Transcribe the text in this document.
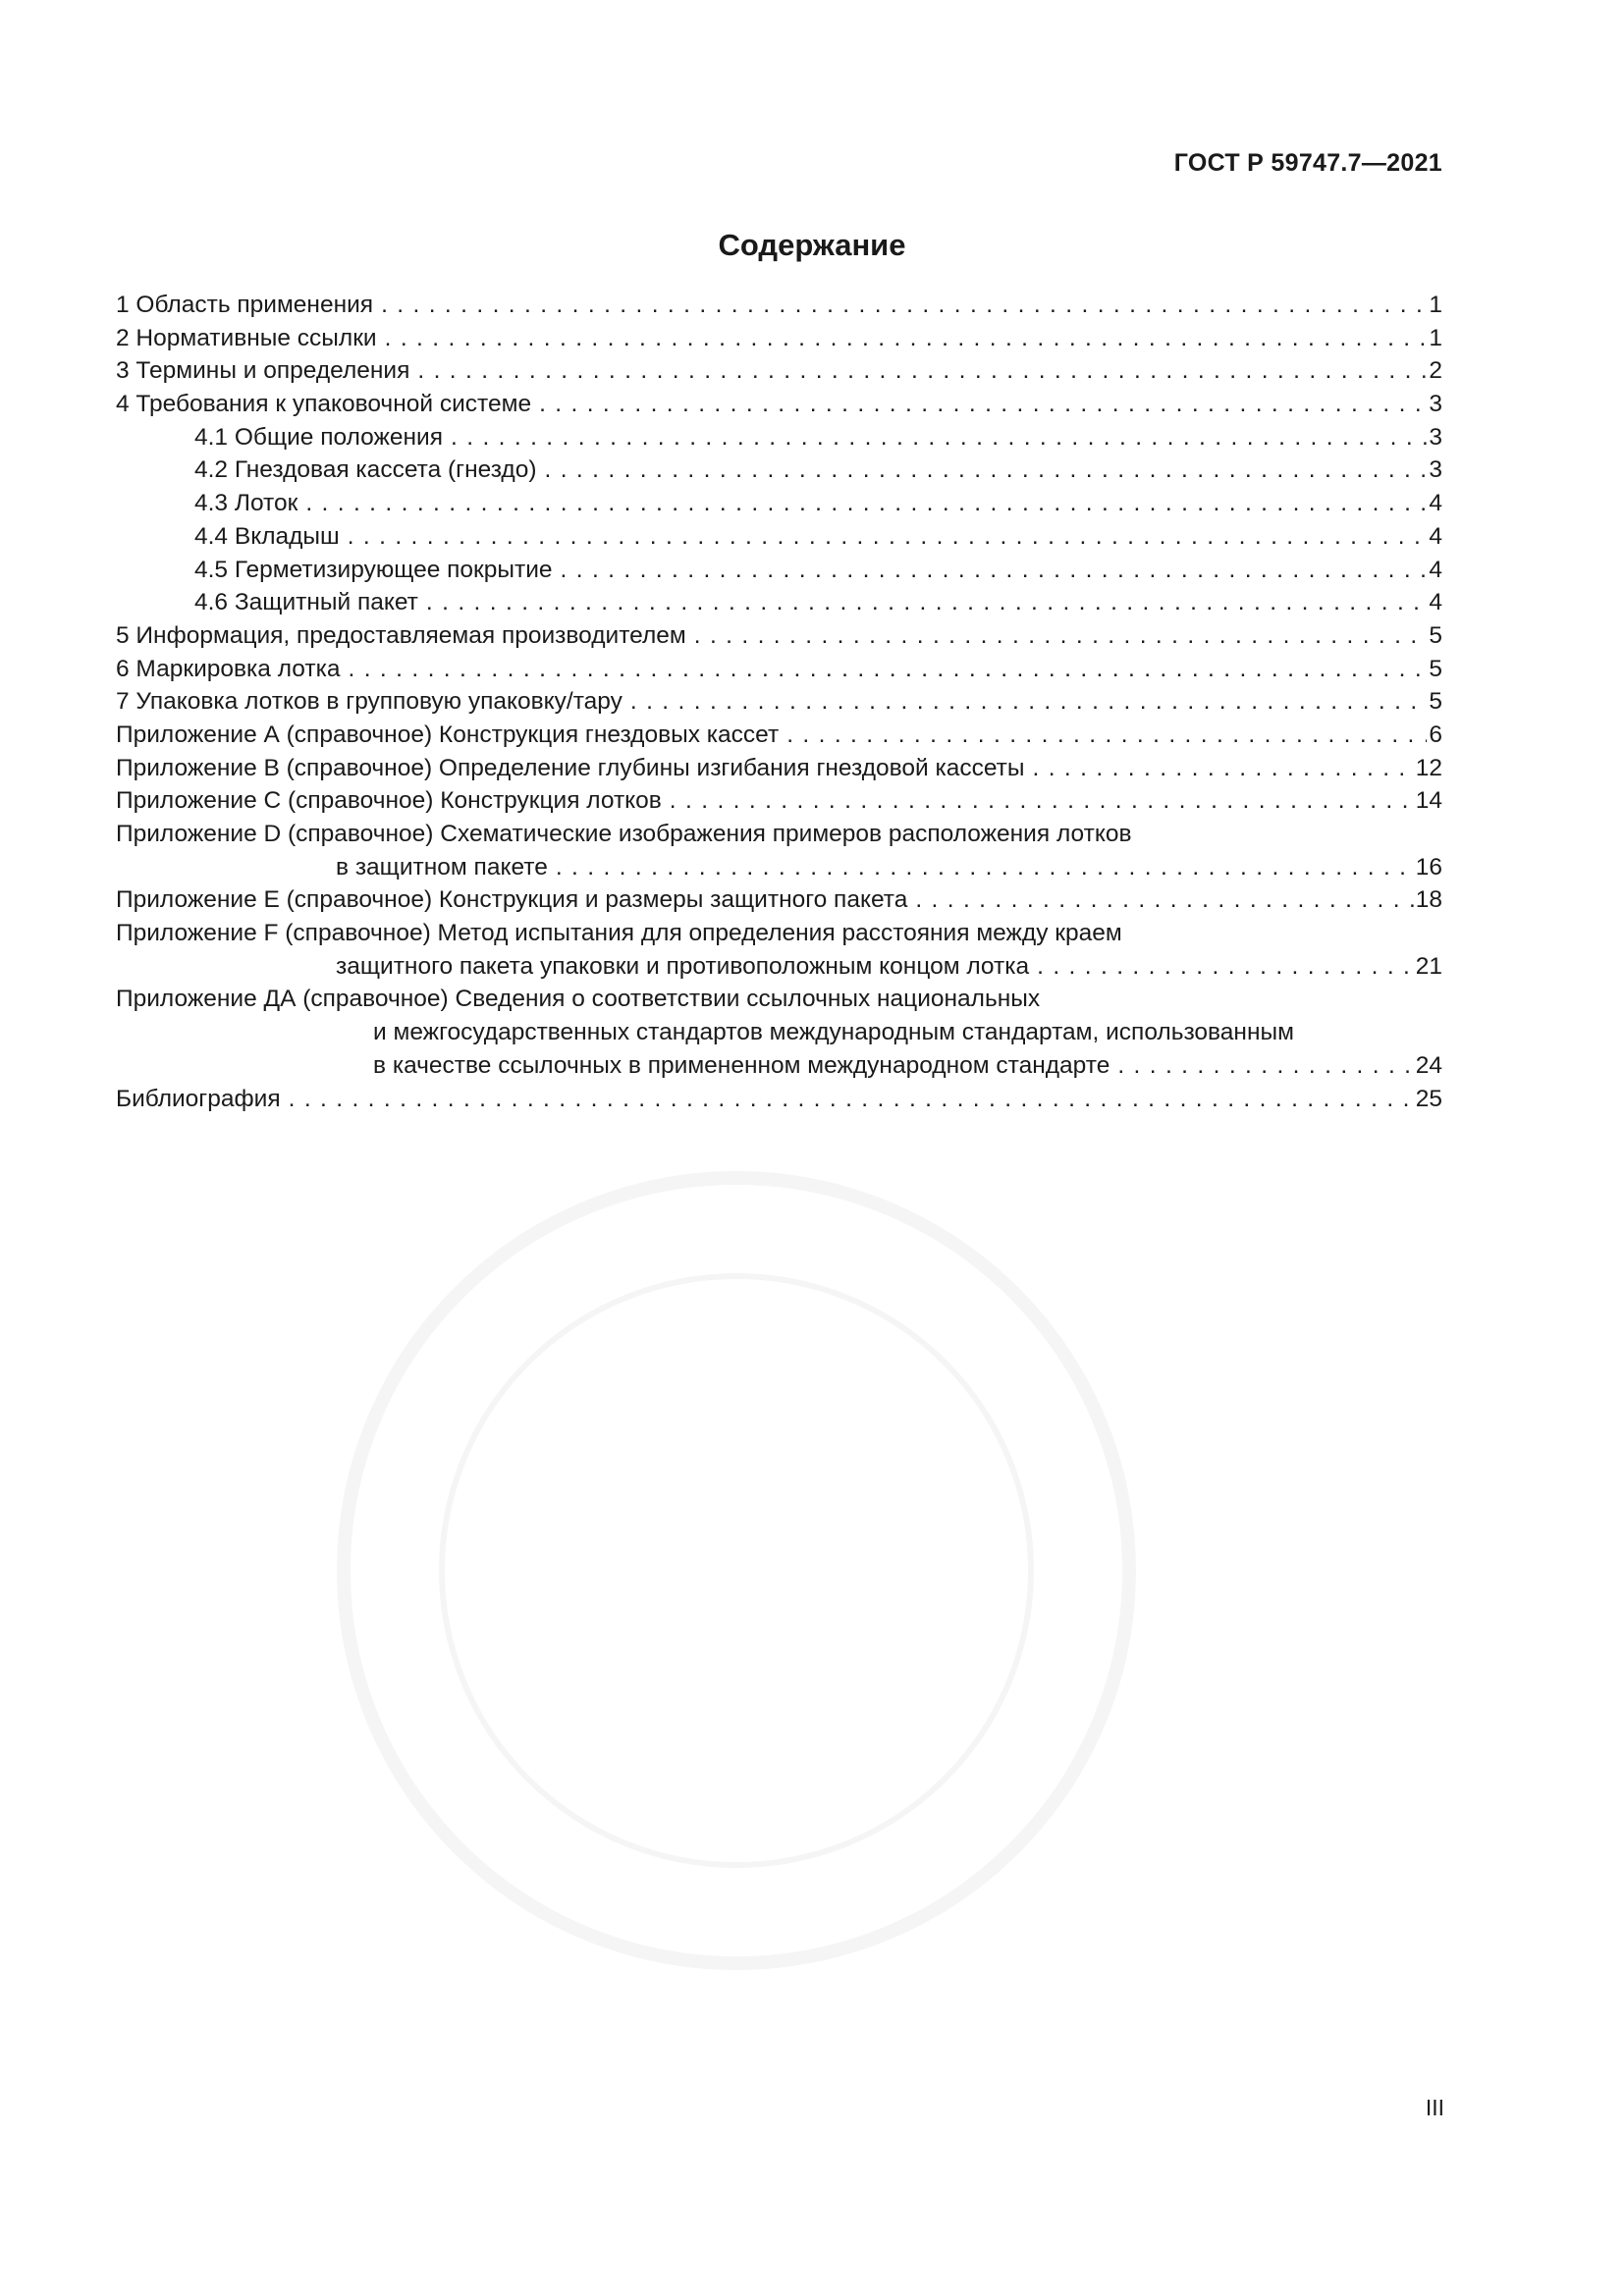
ГОСТ Р 59747.7—2021
Содержание
1 Область применения . . .	1
2 Нормативные ссылки . . .	1
3 Термины и определения . . .	2
4 Требования к упаковочной системе . . .	3
4.1 Общие положения . . .	3
4.2 Гнездовая кассета (гнездо) . . .	3
4.3 Лоток . . .	4
4.4 Вкладыш . . .	4
4.5 Герметизирующее покрытие . . .	4
4.6 Защитный пакет . . .	4
5 Информация, предоставляемая производителем . . .	5
6 Маркировка лотка . . .	5
7 Упаковка лотков в групповую упаковку/тару . . .	5
Приложение А (справочное) Конструкция гнездовых кассет . . .	6
Приложение В (справочное) Определение глубины изгибания гнездовой кассеты . . .	12
Приложение С (справочное) Конструкция лотков . . .	14
Приложение D (справочное) Схематические изображения примеров расположения лотков
в защитном пакете . . .	16
Приложение Е (справочное) Конструкция и размеры защитного пакета . . .	18
Приложение F (справочное) Метод испытания для определения расстояния между краем
защитного пакета упаковки и противоположным концом лотка . . .	21
Приложение ДА (справочное) Сведения о соответствии ссылочных национальных
и межгосударственных стандартов международным стандартам, использованным
в качестве ссылочных в примененном международном стандарте . . .	24
Библиография . . .	25
III
